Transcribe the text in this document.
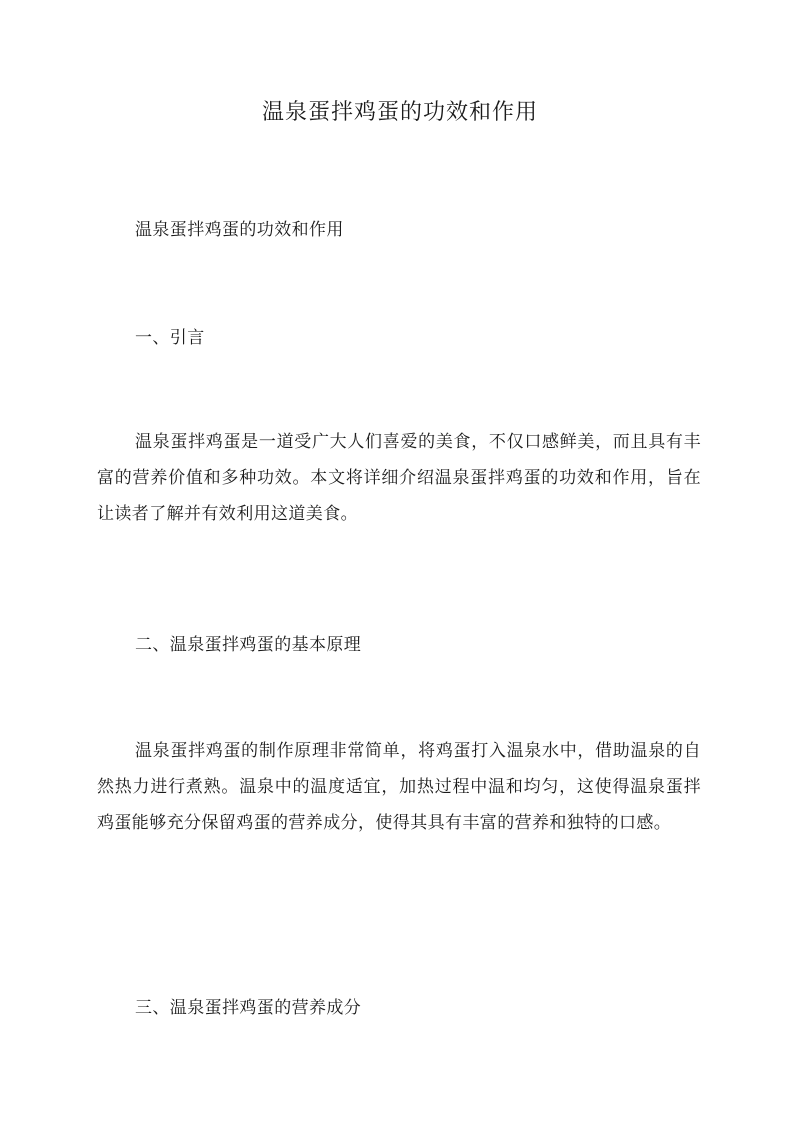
温泉蛋拌鸡蛋的功效和作用

温泉蛋拌鸡蛋的功效和作用

一、引言

温泉蛋拌鸡蛋是一道受广大人们喜爱的美食，不仅口感鲜美，而且具有丰富的营养价值和多种功效。本文将详细介绍温泉蛋拌鸡蛋的功效和作用，旨在让读者了解并有效利用这道美食。

二、温泉蛋拌鸡蛋的基本原理

温泉蛋拌鸡蛋的制作原理非常简单，将鸡蛋打入温泉水中，借助温泉的自然热力进行煮熟。温泉中的温度适宜，加热过程中温和均匀，这使得温泉蛋拌鸡蛋能够充分保留鸡蛋的营养成分，使得其具有丰富的营养和独特的口感。

三、温泉蛋拌鸡蛋的营养成分
